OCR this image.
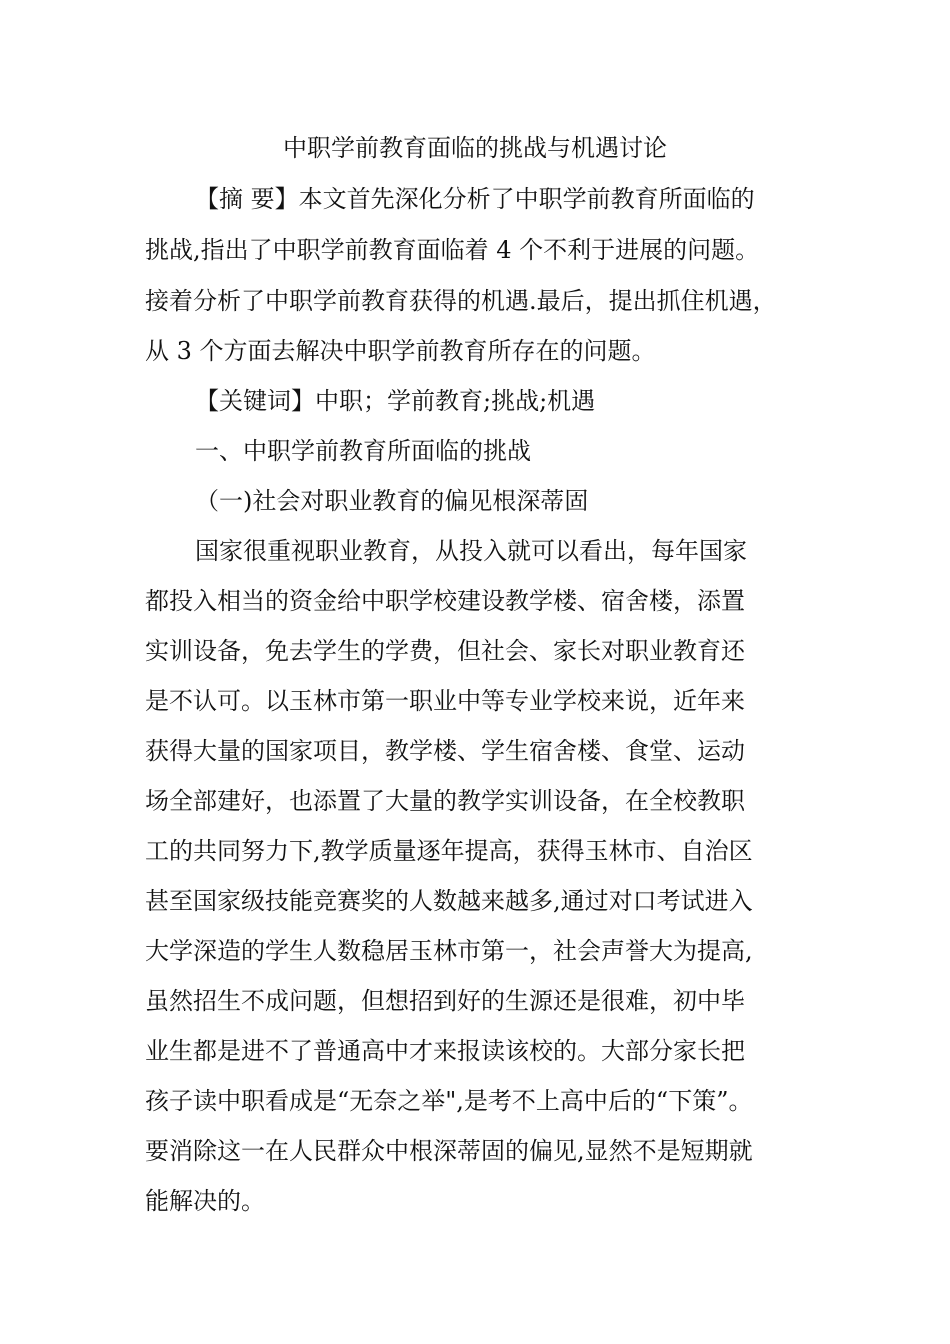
中职学前教育面临的挑战与机遇讨论
【摘 要】本文首先深化分析了中职学前教育所面临的
挑战,指出了中职学前教育面临着 4 个不利于进展的问题。
接着分析了中职学前教育获得的机遇.最后，提出抓住机遇，
从 3 个方面去解决中职学前教育所存在的问题。
【关键词】中职；学前教育;挑战;机遇
一、中职学前教育所面临的挑战
（一)社会对职业教育的偏见根深蒂固
国家很重视职业教育，从投入就可以看出，每年国家
都投入相当的资金给中职学校建设教学楼、宿舍楼，添置
实训设备，免去学生的学费，但社会、家长对职业教育还
是不认可。以玉林市第一职业中等专业学校来说，近年来
获得大量的国家项目，教学楼、学生宿舍楼、食堂、运动
场全部建好，也添置了大量的教学实训设备，在全校教职
工的共同努力下,教学质量逐年提高，获得玉林市、自治区
甚至国家级技能竞赛奖的人数越来越多,通过对口考试进入
大学深造的学生人数稳居玉林市第一，社会声誉大为提高,
虽然招生不成问题，但想招到好的生源还是很难，初中毕
业生都是进不了普通高中才来报读该校的。大部分家长把
孩子读中职看成是“无奈之举",是考不上高中后的“下策”。
要消除这一在人民群众中根深蒂固的偏见,显然不是短期就
能解决的。
